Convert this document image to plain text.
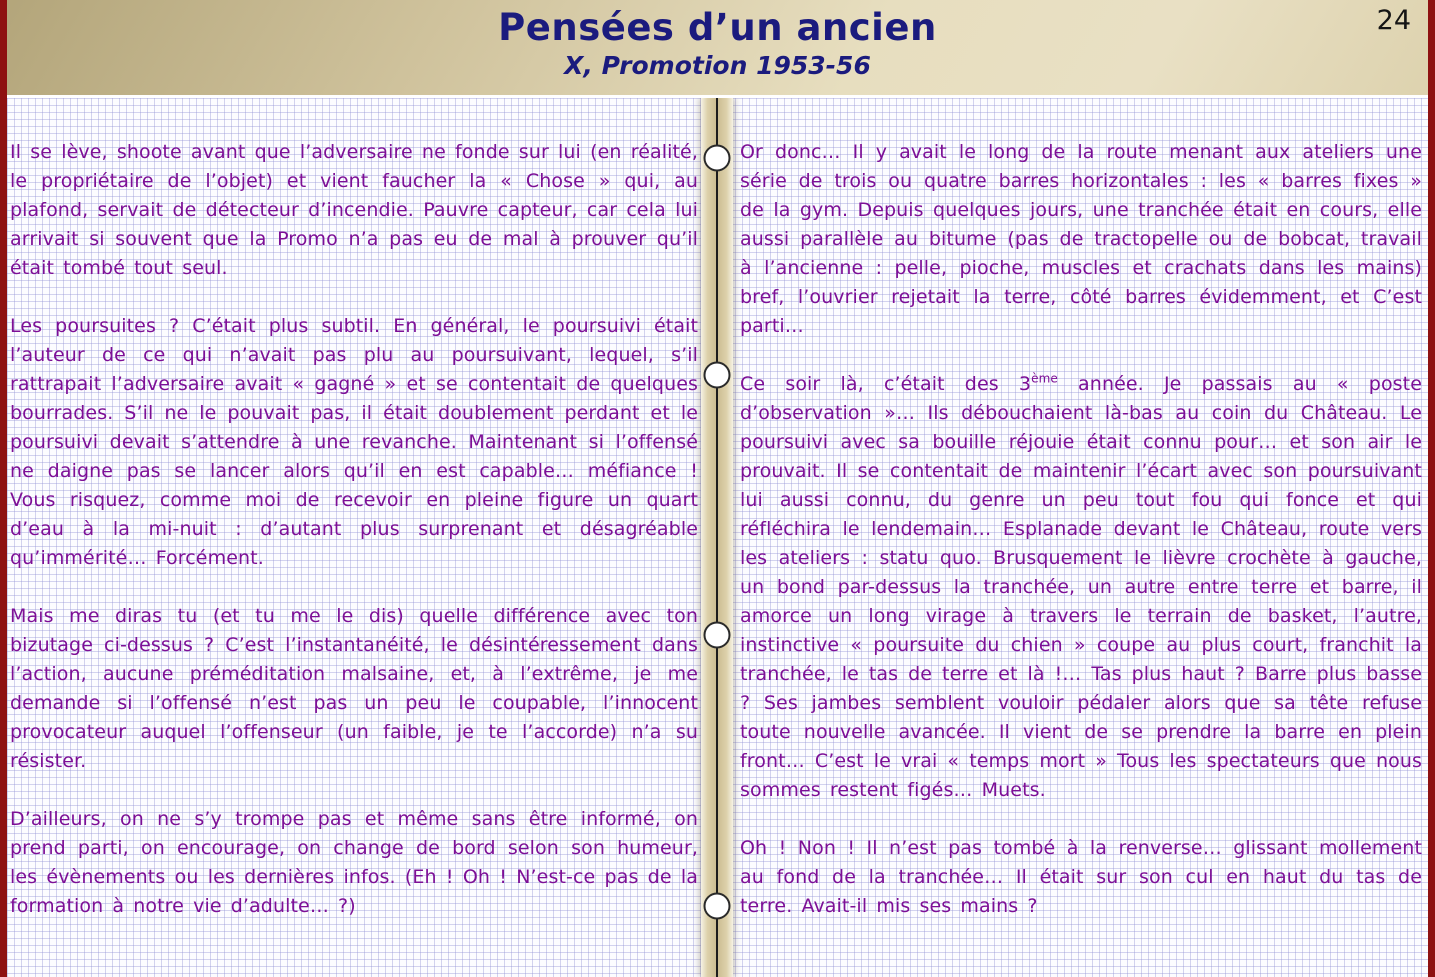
Pensées d’un ancien
X, Promotion 1953-56
24

Il se lève, shoote avant que l’adversaire ne fonde sur lui (en réalité, le propriétaire de l’objet) et vient faucher la « Chose » qui, au plafond, servait de détecteur d’incendie. Pauvre capteur, car cela lui arrivait si souvent que la Promo n’a pas eu de mal à prouver qu’il était tombé tout seul.

Les poursuites ? C’était plus subtil. En général, le poursuivi était l’auteur de ce qui n’avait pas plu au poursuivant, lequel, s’il rattrapait l’adversaire avait « gagné » et se contentait de quelques bourrades. S’il ne le pouvait pas, il était doublement perdant et le poursuivi devait s’attendre à une revanche. Maintenant si l’offensé ne daigne pas se lancer alors qu’il en est capable… méfiance ! Vous risquez, comme moi de recevoir en pleine figure un quart d’eau à la mi-nuit : d’autant plus surprenant et désagréable qu’immérité… Forcément.

Mais me diras tu (et tu me le dis) quelle différence avec ton bizutage ci-dessus ? C’est l’instantanéité, le désintéressement dans l’action, aucune préméditation malsaine, et, à l’extrême, je me demande si l’offensé n’est pas un peu le coupable, l’innocent provocateur auquel l’offenseur (un faible, je te l’accorde) n’a su résister.

D’ailleurs, on ne s’y trompe pas et même sans être informé, on prend parti, on encourage, on change de bord selon son humeur, les évènements ou les dernières infos. (Eh ! Oh ! N’est-ce pas de la formation à notre vie d’adulte… ?)

Or donc… Il y avait le long de la route menant aux ateliers une série de trois ou quatre barres horizontales : les « barres fixes » de la gym. Depuis quelques jours, une tranchée était en cours, elle aussi parallèle au bitume (pas de tractopelle ou de bobcat, travail à l’ancienne : pelle, pioche, muscles et crachats dans les mains) bref, l’ouvrier rejetait la terre, côté barres évidemment, et C’est parti…

Ce soir là, c’était des 3ème année. Je passais au « poste d’observation »… Ils débouchaient là-bas au coin du Château. Le poursuivi avec sa bouille réjouie était connu pour… et son air le prouvait. Il se contentait de maintenir l’écart avec son poursuivant lui aussi connu, du genre un peu tout fou qui fonce et qui réfléchira le lendemain… Esplanade devant le Château, route vers les ateliers : statu quo. Brusquement le lièvre crochète à gauche, un bond par-dessus la tranchée, un autre entre terre et barre, il amorce un long virage à travers le terrain de basket, l’autre, instinctive « poursuite du chien » coupe au plus court, franchit la tranchée, le tas de terre et là !… Tas plus haut ? Barre plus basse ? Ses jambes semblent vouloir pédaler alors que sa tête refuse toute nouvelle avancée. Il vient de se prendre la barre en plein front… C’est le vrai « temps mort » Tous les spectateurs que nous sommes restent figés… Muets.

Oh ! Non ! Il n’est pas tombé à la renverse… glissant mollement au fond de la tranchée… Il était sur son cul en haut du tas de terre. Avait-il mis ses mains ?
